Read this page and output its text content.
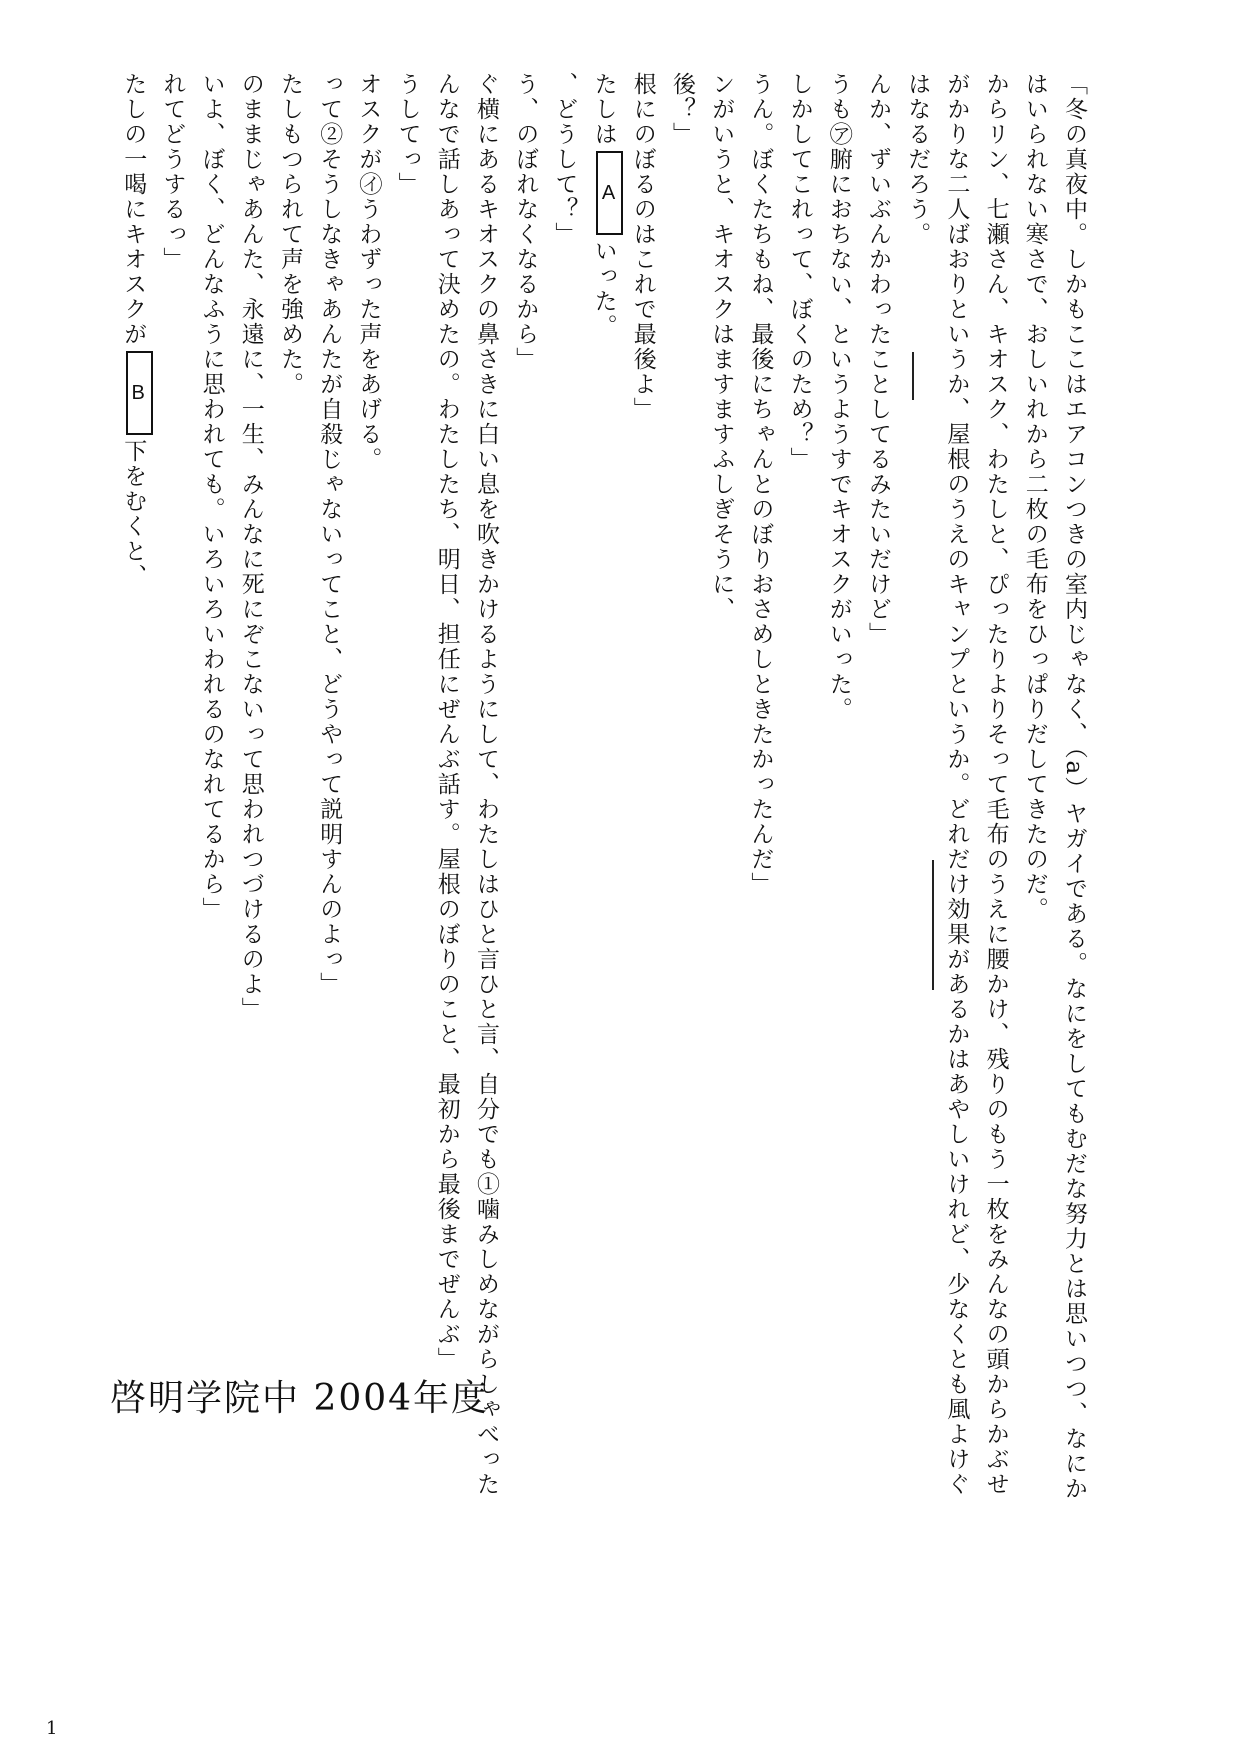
「冬の真夜中。しかもここはエアコンつきの室内じゃなく、（a）ヤガイである。なにをしてもむだな努力とは思いつつ、なにか
はいられない寒さで、おしいれから二枚の毛布をひっぱりだしてきたのだ。
からリン、七瀬さん、キオスク、わたしと、ぴったりよりそって毛布のうえに腰かけ、残りのもう一枚をみんなの頭からかぶせ
がかりな二人ばおりというか、屋根のうえのキャンプというか。どれだけ効果があるかはあやしいけれど、少なくとも風よけぐ
はなるだろう。
んか、ずいぶんかわったことしてるみたいだけど」
うも㋐腑におちない、というようすでキオスクがいった。
しかしてこれって、ぼくのため？」
うん。ぼくたちもね、最後にちゃんとのぼりおさめしときたかったんだ」
ンがいうと、キオスクはますますふしぎそうに、
後？」
根にのぼるのはこれで最後よ」
たしはAいった。
、どうして？」
う、のぼれなくなるから」
ぐ横にあるキオスクの鼻さきに白い息を吹きかけるようにして、わたしはひと言ひと言、自分でも①噛みしめながらしゃべった
んなで話しあって決めたの。わたしたち、明日、担任にぜんぶ話す。屋根のぼりのこと、最初から最後までぜんぶ」
うしてっ」
オスクが㋑うわずった声をあげる。
って②そうしなきゃあんたが自殺じゃないってこと、どうやって説明すんのよっ」
たしもつられて声を強めた。
のままじゃあんた、永遠に、一生、みんなに死にぞこないって思われつづけるのよ」
いよ、ぼく、どんなふうに思われても。いろいろいわれるのなれてるから」
れてどうするっ」
たしの一喝にキオスクがB下をむくと、
啓明学院中 2004年度
1
